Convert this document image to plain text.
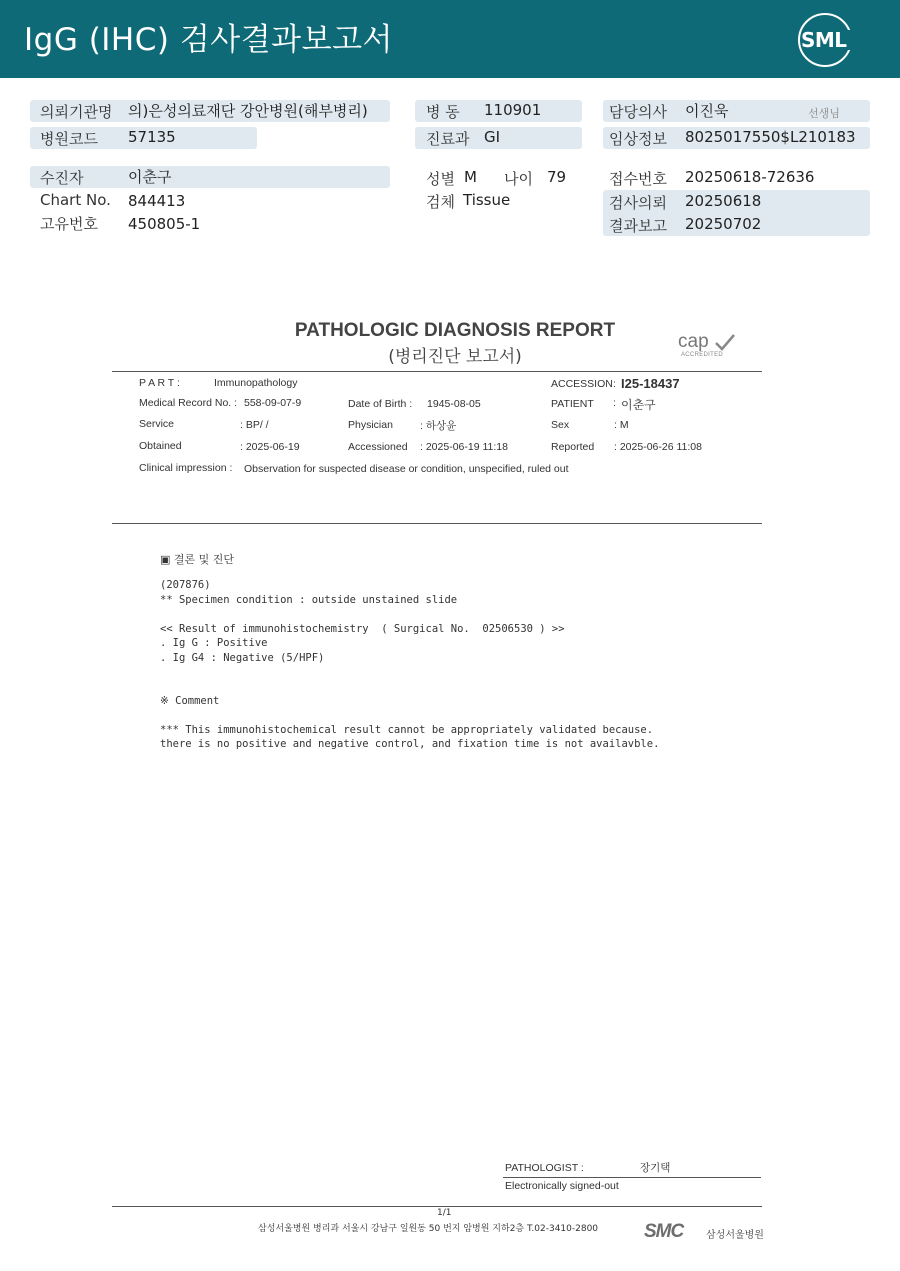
IgG (IHC) 검사결과보고서	SML
의뢰기관명 의)은성의료재단 강안병원(해부병리)
병원코드 57135
병 동 110901
진료과 GI
담당의사 이진욱	선생님
임상정보 8025017550$L210183
수진자	이춘구
Chart No. 844413
고유번호 450805-1
성별 M 나이 79
검체 Tissue
접수번호 20250618-72636
검사의뢰 20250618
결과보고 20250702
PATHOLOGIC DIAGNOSIS REPORT
(병리진단 보고서)
cap
ACCREDITED
P A R T :	Immunopathology	ACCESSION : I25-18437
Medical Record No. : 558-09-07-9	Date of Birth : 1945-08-05	PATIENT : 이춘구
Service	: BP/ /	Physician	: 하상윤	Sex	: M
Obtained	: 2025-06-19	Accessioned : 2025-06-19 11:18	Reported : 2025-06-26 11:08
Clinical impression : Observation for suspected disease or condition, unspecified, ruled out
▣ 결론 및 진단
(207876)
** Specimen condition : outside unstained slide
<< Result of immunohistochemistry  ( Surgical No.  02506530 ) >>
. Ig G : Positive
. Ig G4 : Negative (5/HPF)
※ Comment
*** This immunohistochemical result cannot be appropriately validated because.
there is no positive and negative control, and fixation time is not availavble.
PATHOLOGIST :	장기택
Electronically signed-out
1/1
삼성서울병원 병리과 서울시 강남구 일원동 50 번지 암병원 지하2층 T.02-3410-2800 SMC 삼성서울병원
